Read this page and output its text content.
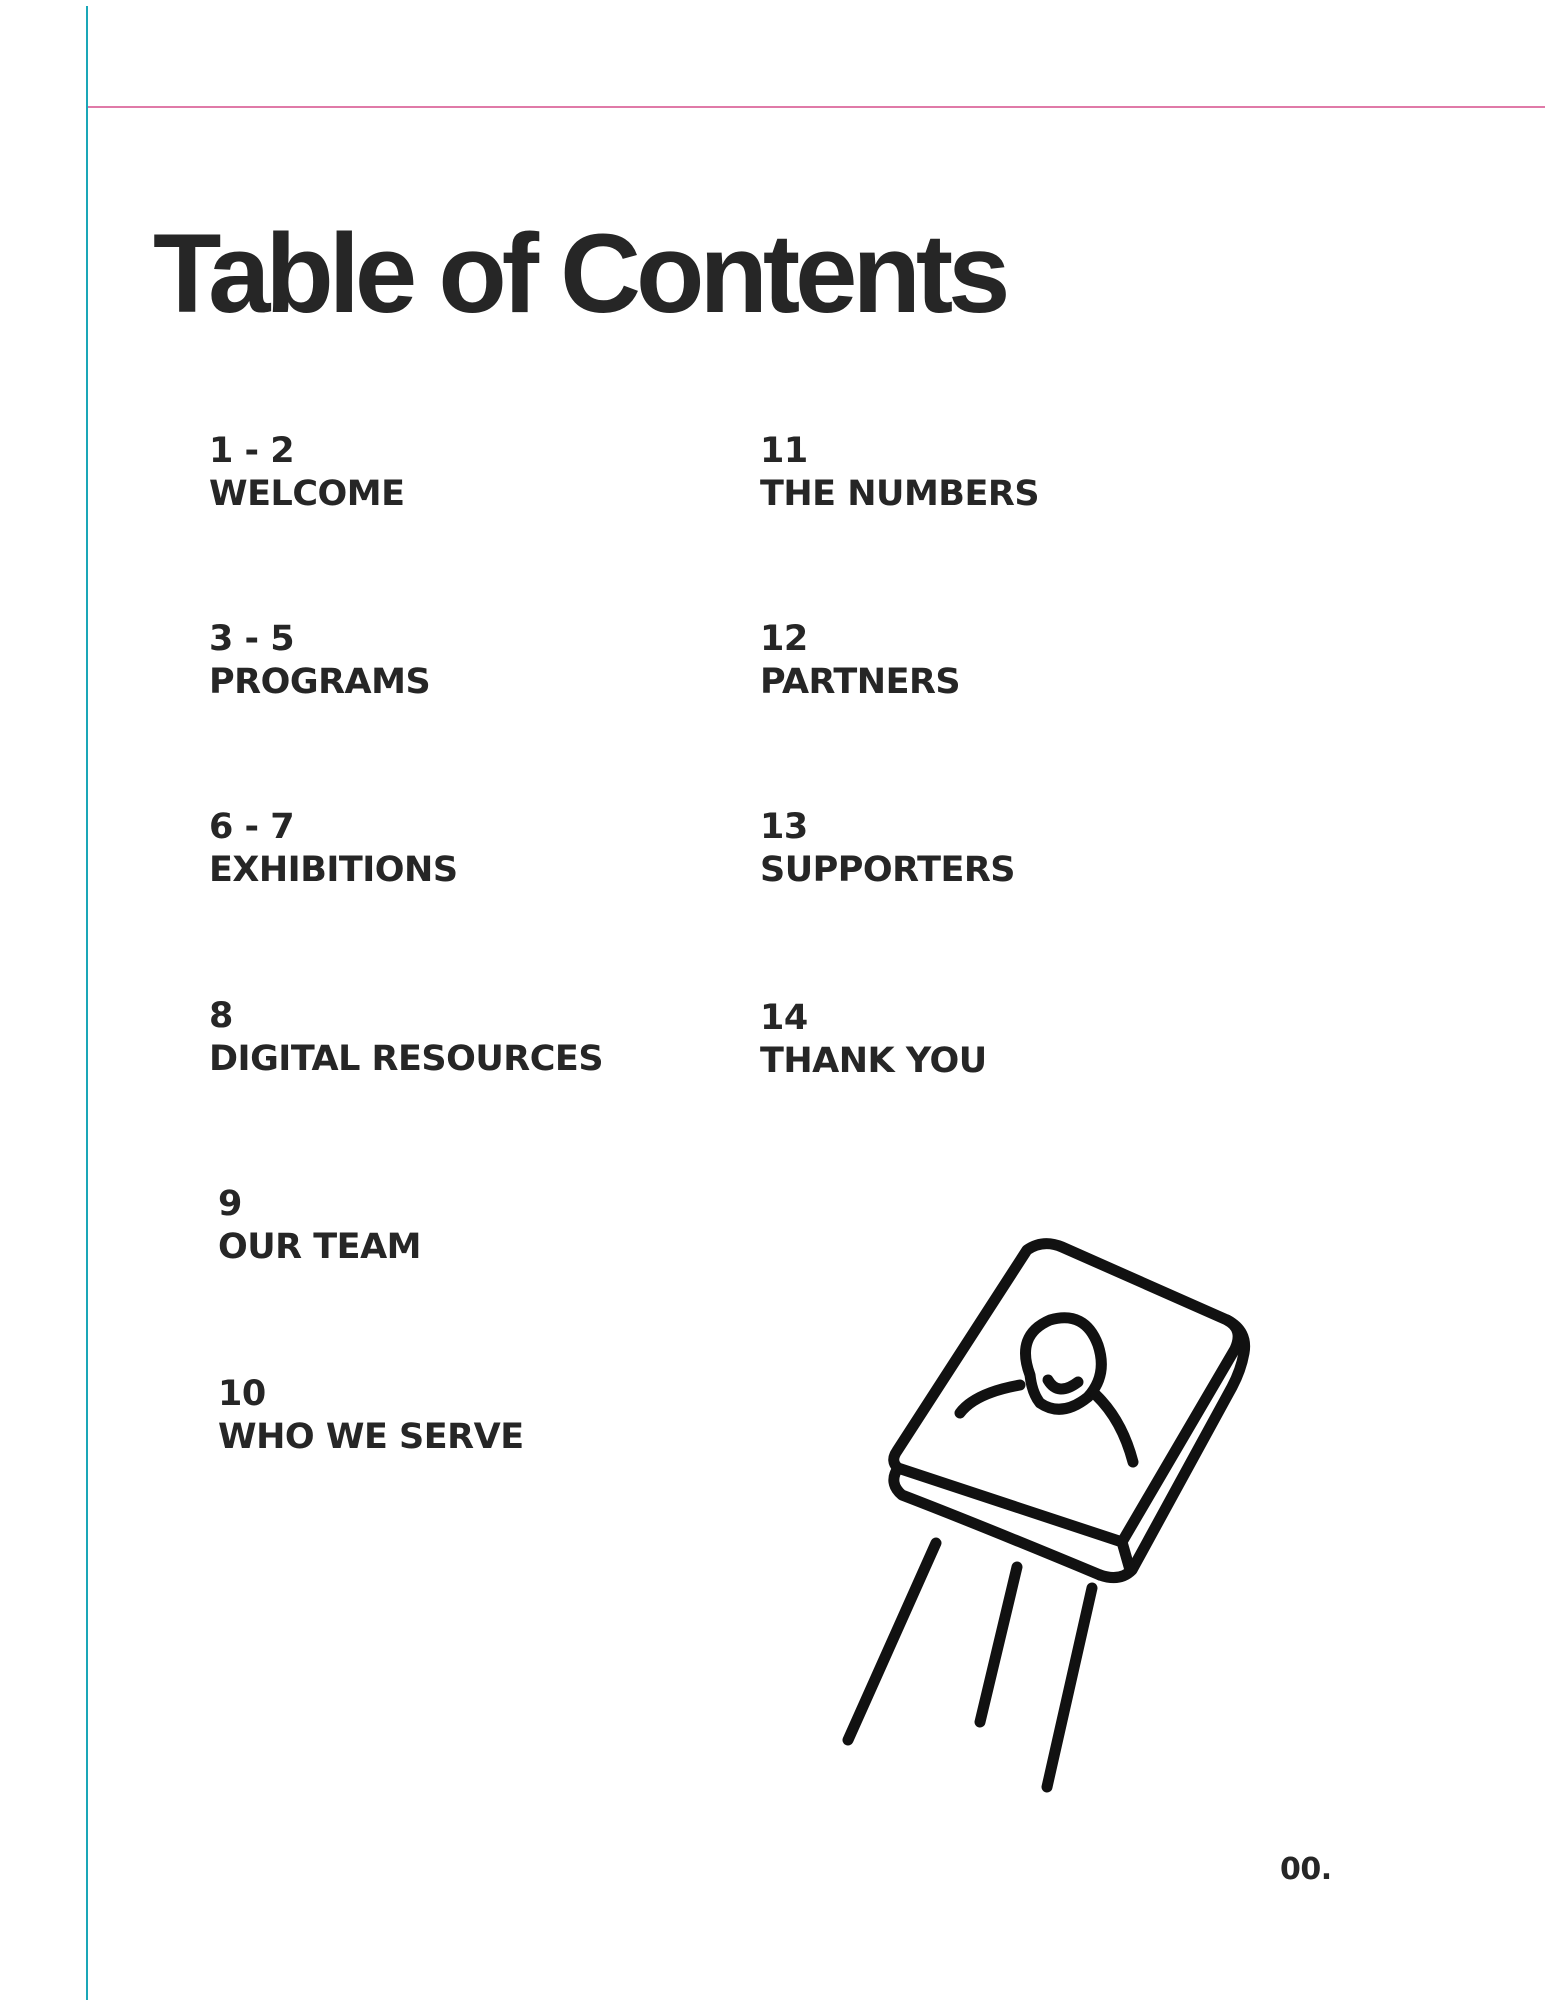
Table of Contents
1 - 2
WELCOME
3 - 5
PROGRAMS
6 - 7
EXHIBITIONS
8
DIGITAL RESOURCES
9
OUR TEAM
10
WHO WE SERVE
11
THE NUMBERS
12
PARTNERS
13
SUPPORTERS
14
THANK YOU
00.
